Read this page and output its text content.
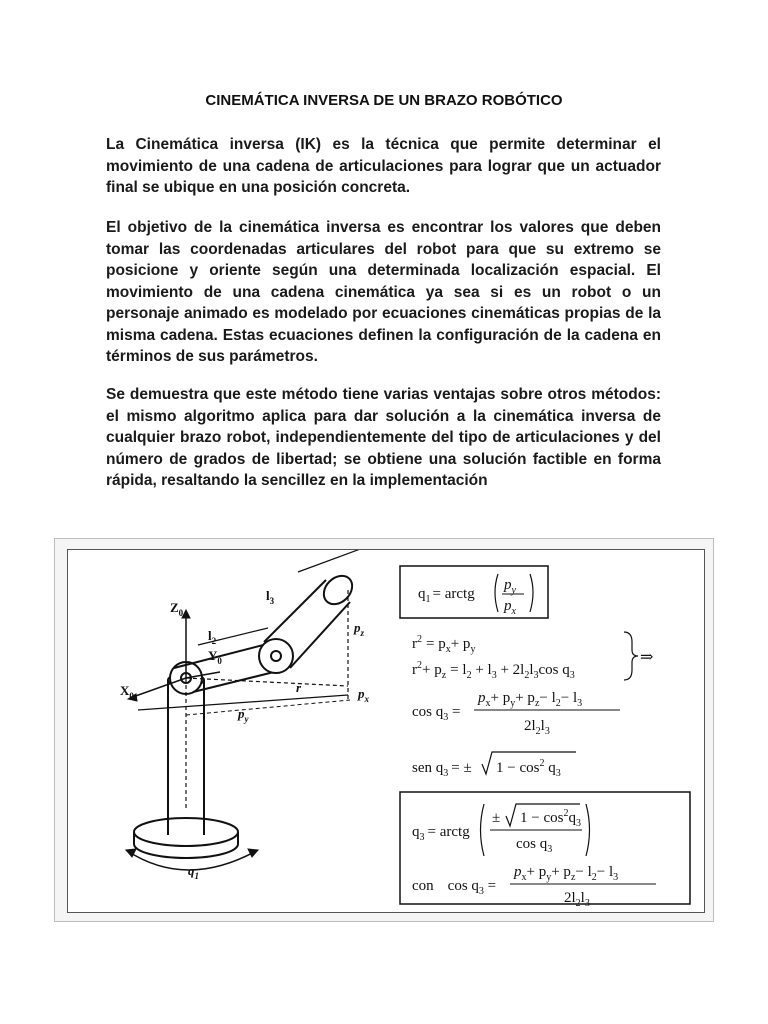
CINEMÁTICA INVERSA DE UN BRAZO ROBÓTICO

La Cinemática inversa (IK) es la técnica que permite determinar el movimiento de una cadena de articulaciones para lograr que un actuador final se ubique en una posición concreta.

El objetivo de la cinemática inversa es encontrar los valores que deben tomar las coordenadas articulares del robot para que su extremo se posicione y oriente según una determinada localización espacial. El movimiento de una cadena cinemática ya sea si es un robot o un personaje animado es modelado por ecuaciones cinemáticas propias de la misma cadena. Estas ecuaciones definen la configuración de la cadena en términos de sus parámetros.

Se demuestra que este método tiene varias ventajas sobre otros métodos: el mismo algoritmo aplica para dar solución a la cinemática inversa de cualquier brazo robot, independientemente del tipo de articulaciones y del número de grados de libertad; se obtiene una solución factible en forma rápida, resaltando la sencillez en la implementación

$Z_0$
$X_0$
$Y_0$
$l_2$
$l_3$
r
$p_z$
$p_x$
$p_y$
$q_1$
$q_1$ = arctg
$p_y$
$p_x$
$r^2 = p_x+ p_y$
$r^2+ p_z = l_2 + l_3 + 2l_2l_3\cos$ $q_3$
⇒
$\cos q_3$ =
$p_x+ p_y+ p_z- l_2- l_3$
$2l_2l_3$
sen $q_3$ = ± $1 - \cos^2 q_3$
$q_3$ = arctg
± $1 - \cos^2q_3$
$\cos q_3$
con $\cos q_3$ =
$p_x+ p_y+ p_z- l_2- l_3$
$2l_2l_3$
